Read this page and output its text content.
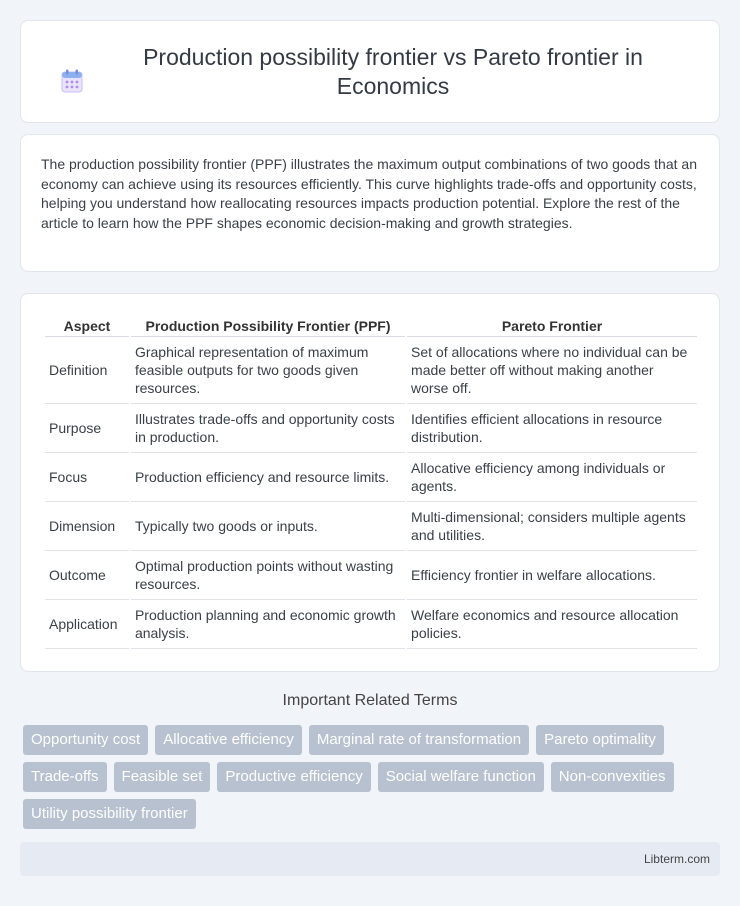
Production possibility frontier vs Pareto frontier in Economics

The production possibility frontier (PPF) illustrates the maximum output combinations of two goods that an economy can achieve using its resources efficiently. This curve highlights trade-offs and opportunity costs, helping you understand how reallocating resources impacts production potential. Explore the rest of the article to learn how the PPF shapes economic decision-making and growth strategies.

Aspect	Production Possibility Frontier (PPF)	Pareto Frontier
Definition	Graphical representation of maximum feasible outputs for two goods given resources.	Set of allocations where no individual can be made better off without making another worse off.
Purpose	Illustrates trade-offs and opportunity costs in production.	Identifies efficient allocations in resource distribution.
Focus	Production efficiency and resource limits.	Allocative efficiency among individuals or agents.
Dimension	Typically two goods or inputs.	Multi-dimensional; considers multiple agents and utilities.
Outcome	Optimal production points without wasting resources.	Efficiency frontier in welfare allocations.
Application	Production planning and economic growth analysis.	Welfare economics and resource allocation policies.
Important Related Terms
Opportunity cost	Allocative efficiency	Marginal rate of transformation	Pareto optimality
Trade-offs	Feasible set	Productive efficiency	Social welfare function	Non-convexities
Utility possibility frontier
Libterm.com
